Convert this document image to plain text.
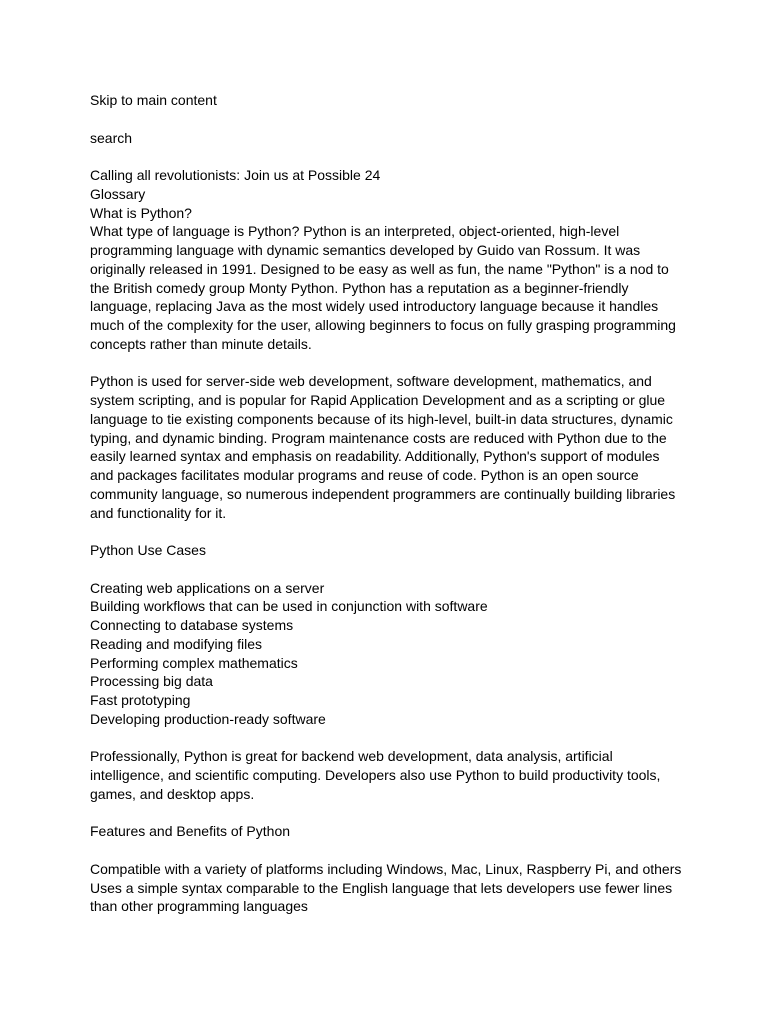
Skip to main content
search
Calling all revolutionists: Join us at Possible 24
Glossary
What is Python?
What type of language is Python? Python is an interpreted, object-oriented, high-level
programming language with dynamic semantics developed by Guido van Rossum. It was
originally released in 1991. Designed to be easy as well as fun, the name "Python" is a nod to
the British comedy group Monty Python. Python has a reputation as a beginner-friendly
language, replacing Java as the most widely used introductory language because it handles
much of the complexity for the user, allowing beginners to focus on fully grasping programming
concepts rather than minute details.
Python is used for server-side web development, software development, mathematics, and
system scripting, and is popular for Rapid Application Development and as a scripting or glue
language to tie existing components because of its high-level, built-in data structures, dynamic
typing, and dynamic binding. Program maintenance costs are reduced with Python due to the
easily learned syntax and emphasis on readability. Additionally, Python's support of modules
and packages facilitates modular programs and reuse of code. Python is an open source
community language, so numerous independent programmers are continually building libraries
and functionality for it.
Python Use Cases
Creating web applications on a server
Building workflows that can be used in conjunction with software
Connecting to database systems
Reading and modifying files
Performing complex mathematics
Processing big data
Fast prototyping
Developing production-ready software
Professionally, Python is great for backend web development, data analysis, artificial
intelligence, and scientific computing. Developers also use Python to build productivity tools,
games, and desktop apps.
Features and Benefits of Python
Compatible with a variety of platforms including Windows, Mac, Linux, Raspberry Pi, and others
Uses a simple syntax comparable to the English language that lets developers use fewer lines
than other programming languages
